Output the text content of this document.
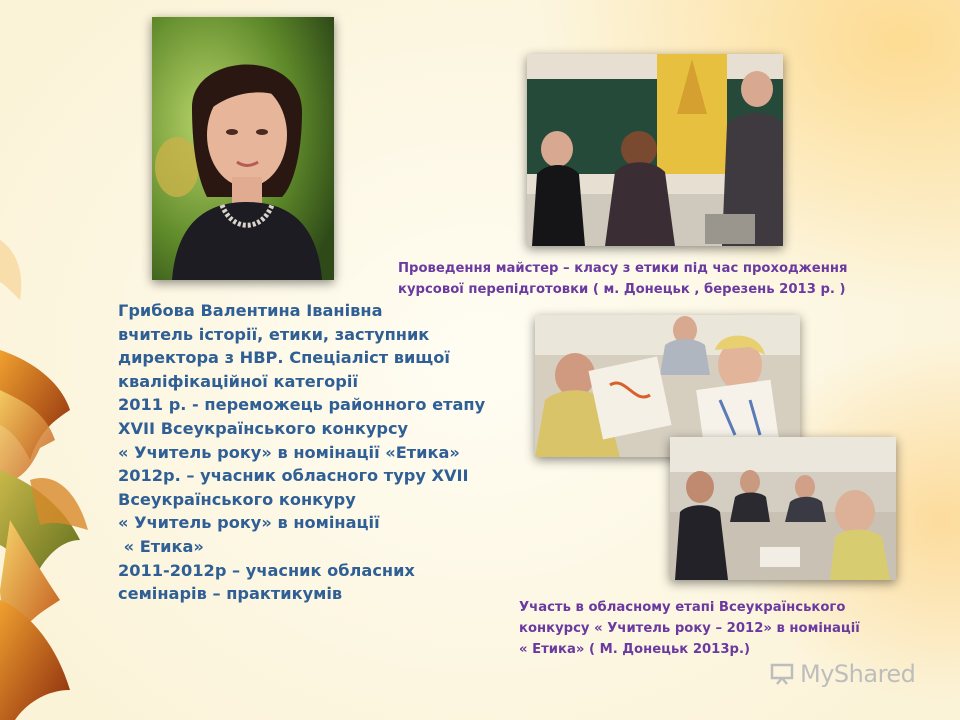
Грибова Валентина Іванівна
вчитель історії, етики, заступник
директора з НВР. Спеціаліст вищої
кваліфікаційної категорії
2011 р. - переможець районного етапу
XVII Всеукраїнського конкурсу
« Учитель року» в номінації «Етика»
2012р. – учасник обласного туру XVII
Всеукраїнського конкуру
« Учитель року» в номінації
« Етика»
2011-2012р – учасник обласних
семінарів – практикумів
Проведення майстер – класу з етики під час проходження
курсової перепідготовки ( м. Донецьк , березень 2013 р. )
Участь в обласному етапі Всеукраїнського
конкурсу « Учитель року – 2012» в номінації
« Етика» ( М. Донецьк 2013р.)
MyShared
